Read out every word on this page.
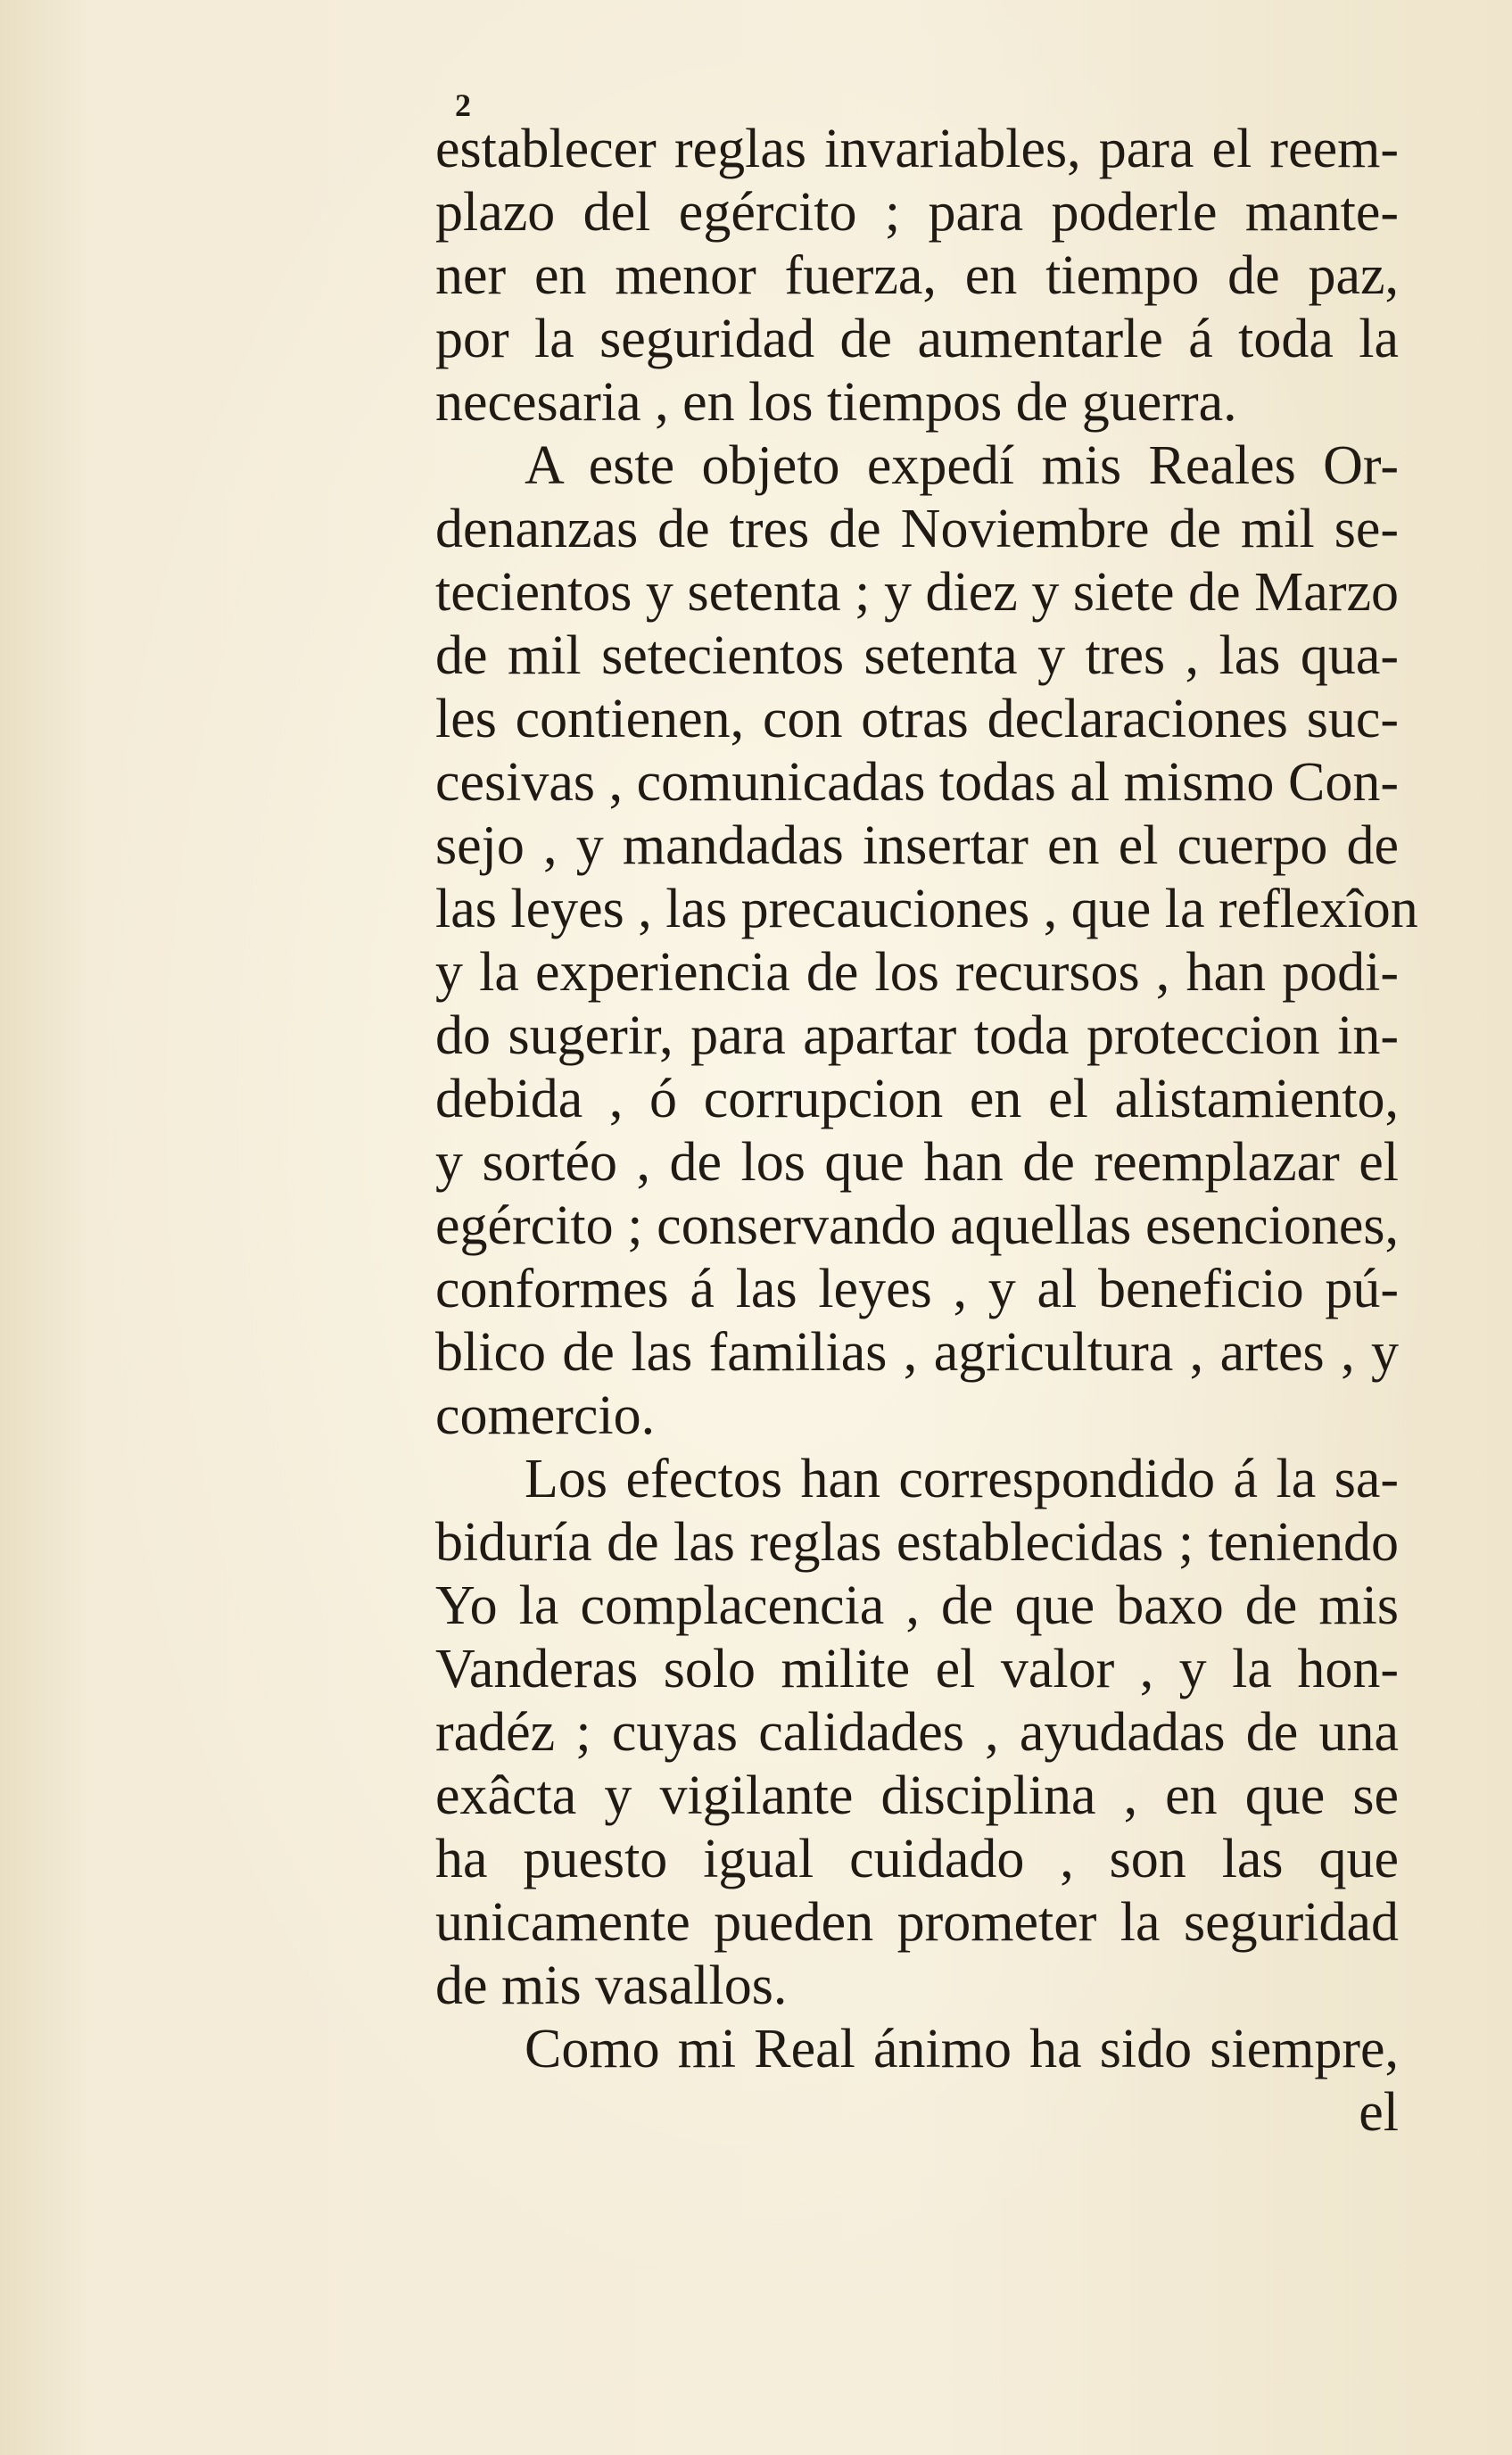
2
establecer reglas invariables, para el reem-
plazo del egército ; para poderle mante-
ner en menor fuerza, en tiempo de paz,
por la seguridad de aumentarle á toda la
necesaria , en los tiempos de guerra.
A este objeto expedí mis Reales Or-
denanzas de tres de Noviembre de mil se-
tecientos y setenta ; y diez y siete de Marzo
de mil setecientos setenta y tres , las qua-
les contienen, con otras declaraciones suc-
cesivas , comunicadas todas al mismo Con-
sejo , y mandadas insertar en el cuerpo de
las leyes , las precauciones , que la reflexîon
y la experiencia de los recursos , han podi-
do sugerir, para apartar toda proteccion in-
debida , ó corrupcion en el alistamiento,
y sortéo , de los que han de reemplazar el
egército ; conservando aquellas esenciones,
conformes á las leyes , y al beneficio pú-
blico de las familias , agricultura , artes , y
comercio.
Los efectos han correspondido á la sa-
biduría de las reglas establecidas ; teniendo
Yo la complacencia , de que baxo de mis
Vanderas solo milite el valor , y la hon-
radéz ; cuyas calidades , ayudadas de una
exâcta y vigilante disciplina , en que se
ha puesto igual cuidado , son las que
unicamente pueden prometer la seguridad
de mis vasallos.
Como mi Real ánimo ha sido siempre,
el
